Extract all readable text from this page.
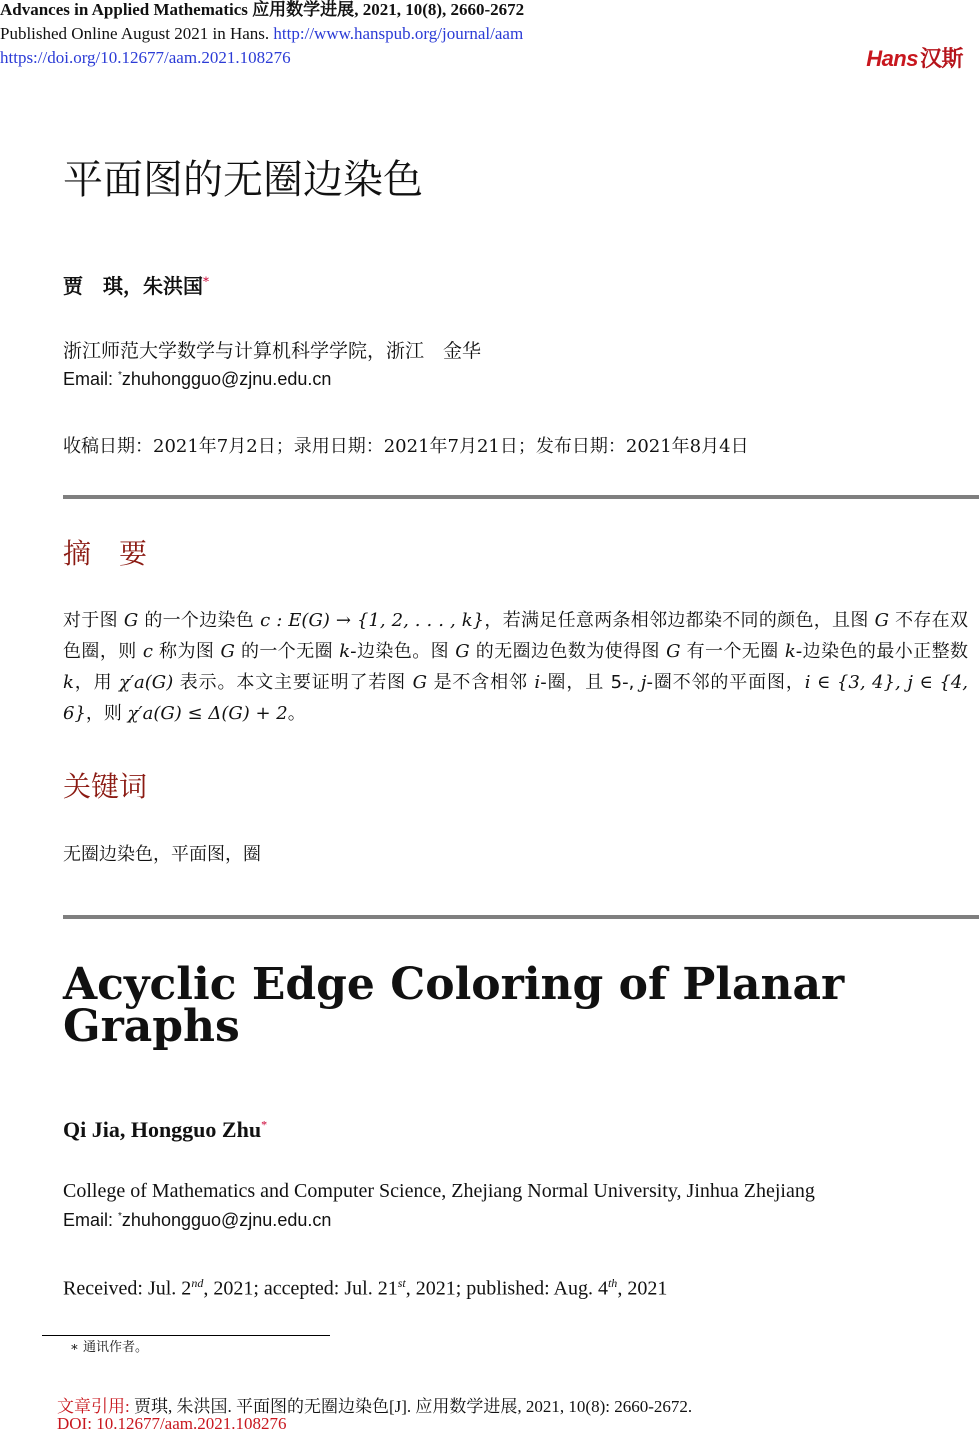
Advances in Applied Mathematics 应用数学进展, 2021, 10(8), 2660-2672
Published Online August 2021 in Hans. http://www.hanspub.org/journal/aam
https://doi.org/10.12677/aam.2021.108276	Hans汉斯
平面图的无圈边染色
贾　琪，朱洪国*
浙江师范大学数学与计算机科学学院，浙江　金华
Email: *zhuhongguo@zjnu.edu.cn
收稿日期：2021年7月2日；录用日期：2021年7月21日；发布日期：2021年8月4日
摘　要
对于图 G 的一个边染色 c : E(G) → {1, 2, . . . , k}，若满足任意两条相邻边都染不同的颜色，且图 G 不存在双色圈，则 c 称为图 G 的一个无圈 k-边染色。图 G 的无圈边色数为使得图 G 有一个无圈 k-边染色的最小正整数 k，用 χ′a(G) 表示。本文主要证明了若图 G 是不含相邻 i-圈，且 5-, j-圈不邻的平面图，i ∈ {3, 4}, j ∈ {4, 6}，则 χ′a(G) ≤ Δ(G) + 2。
关键词
无圈边染色，平面图，圈
Acyclic Edge Coloring of Planar Graphs
Qi Jia, Hongguo Zhu*
College of Mathematics and Computer Science, Zhejiang Normal University, Jinhua Zhejiang
Email: *zhuhongguo@zjnu.edu.cn
Received: Jul. 2nd, 2021; accepted: Jul. 21st, 2021; published: Aug. 4th, 2021
∗ 通讯作者。
文章引用: 贾琪, 朱洪国. 平面图的无圈边染色[J]. 应用数学进展, 2021, 10(8): 2660-2672.
DOI: 10.12677/aam.2021.108276
